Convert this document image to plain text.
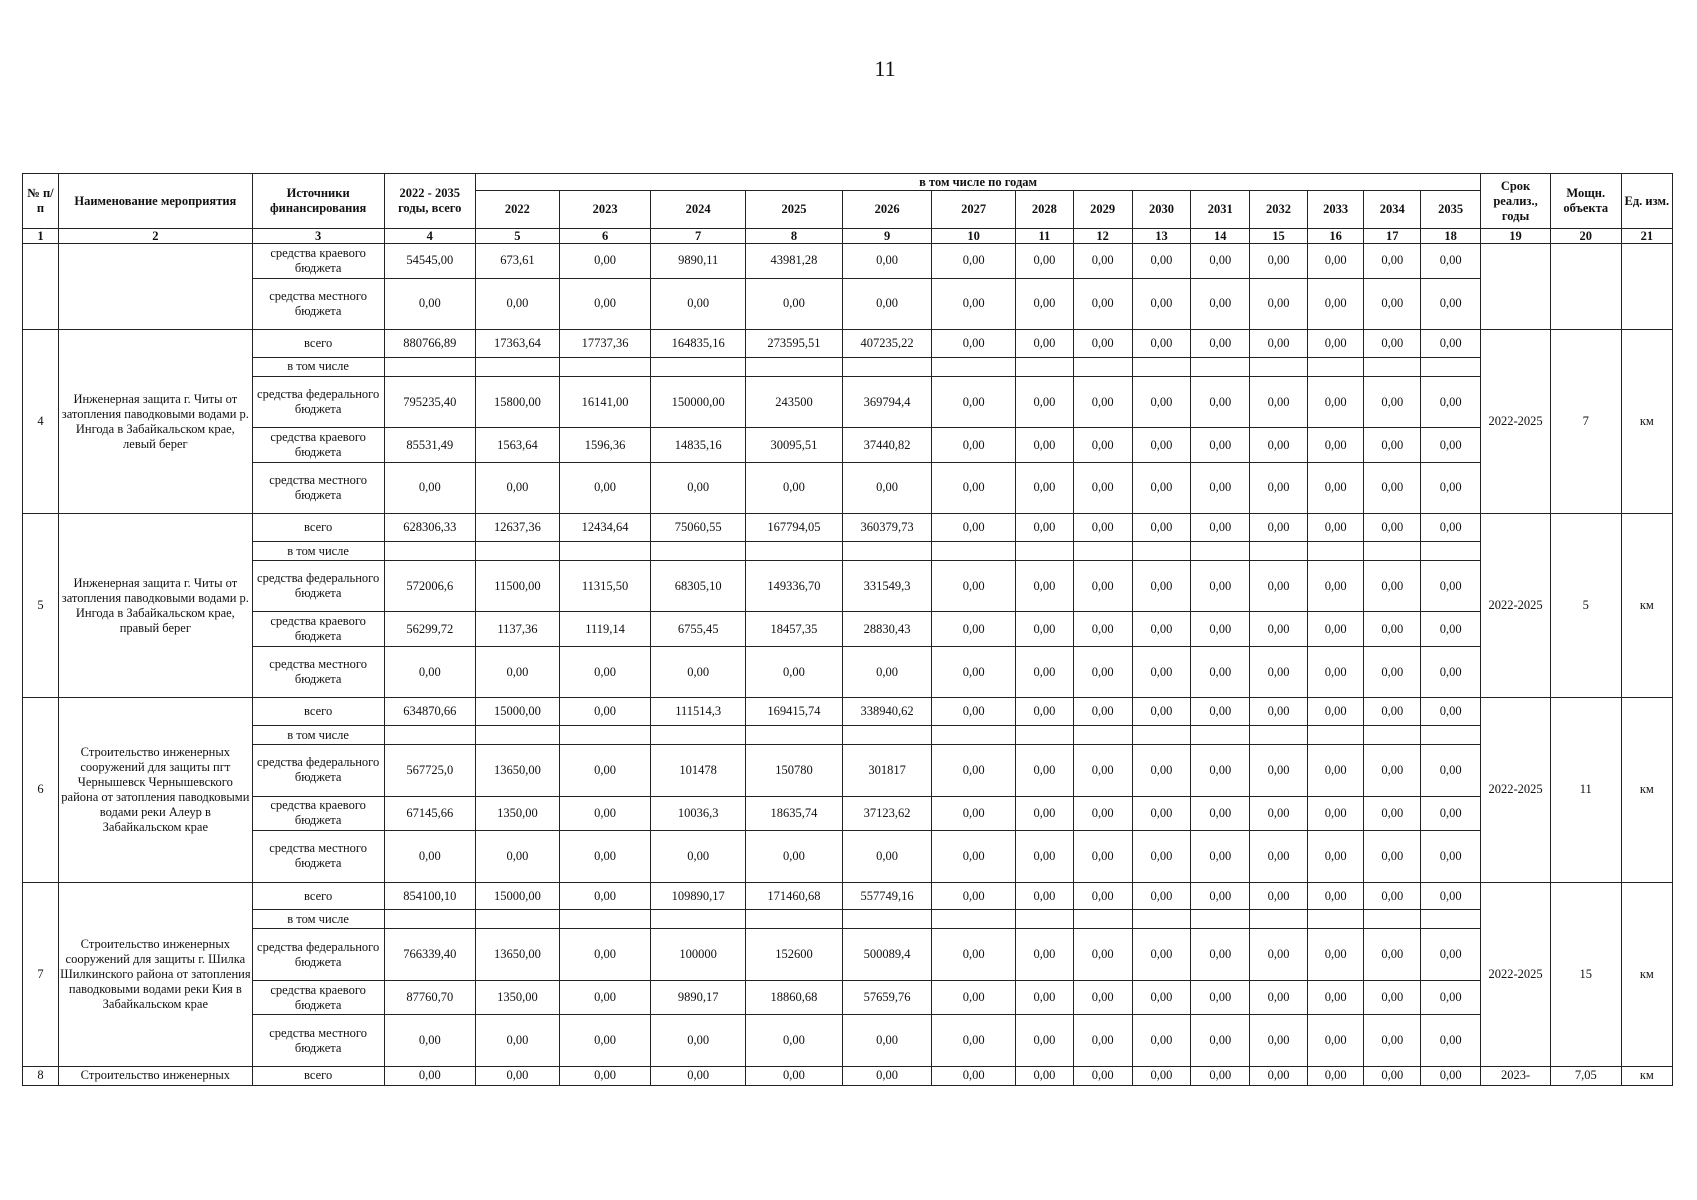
11
№ п/ п	Наименование мероприятия	Источники финансирования	2022 - 2035 годы, всего	в том числе по годам														Срок реализ., годы	Мощн. объекта	Ед. изм.
				2022	2023	2024	2025	2026	2027	2028	2029	2030	2031	2032	2033	2034	2035			
1	2	3	4	5	6	7	8	9	10	11	12	13	14	15	16	17	18	19	20	21
		средства краевого бюджета	54545,00	673,61	0,00	9890,11	43981,28	0,00	0,00	0,00	0,00	0,00	0,00	0,00	0,00	0,00	0,00			
		средства местного бюджета	0,00	0,00	0,00	0,00	0,00	0,00	0,00	0,00	0,00	0,00	0,00	0,00	0,00	0,00	0,00			
4	Инженерная защита г. Читы от затопления паводковыми водами р. Ингода в Забайкальском крае, левый берег	всего	880766,89	17363,64	17737,36	164835,16	273595,51	407235,22	0,00	0,00	0,00	0,00	0,00	0,00	0,00	0,00	0,00	2022-2025	7	км
		в том числе																		
		средства федерального бюджета	795235,40	15800,00	16141,00	150000,00	243500	369794,4	0,00	0,00	0,00	0,00	0,00	0,00	0,00	0,00	0,00			
		средства краевого бюджета	85531,49	1563,64	1596,36	14835,16	30095,51	37440,82	0,00	0,00	0,00	0,00	0,00	0,00	0,00	0,00	0,00			
		средства местного бюджета	0,00	0,00	0,00	0,00	0,00	0,00	0,00	0,00	0,00	0,00	0,00	0,00	0,00	0,00	0,00			
5	Инженерная защита г. Читы от затопления паводковыми водами р. Ингода в Забайкальском крае, правый берег	всего	628306,33	12637,36	12434,64	75060,55	167794,05	360379,73	0,00	0,00	0,00	0,00	0,00	0,00	0,00	0,00	0,00	2022-2025	5	км
		в том числе																		
		средства федерального бюджета	572006,6	11500,00	11315,50	68305,10	149336,70	331549,3	0,00	0,00	0,00	0,00	0,00	0,00	0,00	0,00	0,00			
		средства краевого бюджета	56299,72	1137,36	1119,14	6755,45	18457,35	28830,43	0,00	0,00	0,00	0,00	0,00	0,00	0,00	0,00	0,00			
		средства местного бюджета	0,00	0,00	0,00	0,00	0,00	0,00	0,00	0,00	0,00	0,00	0,00	0,00	0,00	0,00	0,00			
6	Строительство инженерных сооружений для защиты пгт Чернышевск Чернышевского района от затопления паводковыми водами реки Алеур в Забайкальском крае	всего	634870,66	15000,00	0,00	111514,3	169415,74	338940,62	0,00	0,00	0,00	0,00	0,00	0,00	0,00	0,00	0,00	2022-2025	11	км
		в том числе																		
		средства федерального бюджета	567725,0	13650,00	0,00	101478	150780	301817	0,00	0,00	0,00	0,00	0,00	0,00	0,00	0,00	0,00			
		средства краевого бюджета	67145,66	1350,00	0,00	10036,3	18635,74	37123,62	0,00	0,00	0,00	0,00	0,00	0,00	0,00	0,00	0,00			
		средства местного бюджета	0,00	0,00	0,00	0,00	0,00	0,00	0,00	0,00	0,00	0,00	0,00	0,00	0,00	0,00	0,00			
7	Строительство инженерных сооружений для защиты г. Шилка Шилкинского района от затопления паводковыми водами реки Кия в Забайкальском крае	всего	854100,10	15000,00	0,00	109890,17	171460,68	557749,16	0,00	0,00	0,00	0,00	0,00	0,00	0,00	0,00	0,00	2022-2025	15	км
		в том числе																		
		средства федерального бюджета	766339,40	13650,00	0,00	100000	152600	500089,4	0,00	0,00	0,00	0,00	0,00	0,00	0,00	0,00	0,00			
		средства краевого бюджета	87760,70	1350,00	0,00	9890,17	18860,68	57659,76	0,00	0,00	0,00	0,00	0,00	0,00	0,00	0,00	0,00			
		средства местного бюджета	0,00	0,00	0,00	0,00	0,00	0,00	0,00	0,00	0,00	0,00	0,00	0,00	0,00	0,00	0,00			
8	Строительство инженерных	всего	0,00	0,00	0,00	0,00	0,00	0,00	0,00	0,00	0,00	0,00	0,00	0,00	0,00	0,00	0,00	2023-	7,05	км
